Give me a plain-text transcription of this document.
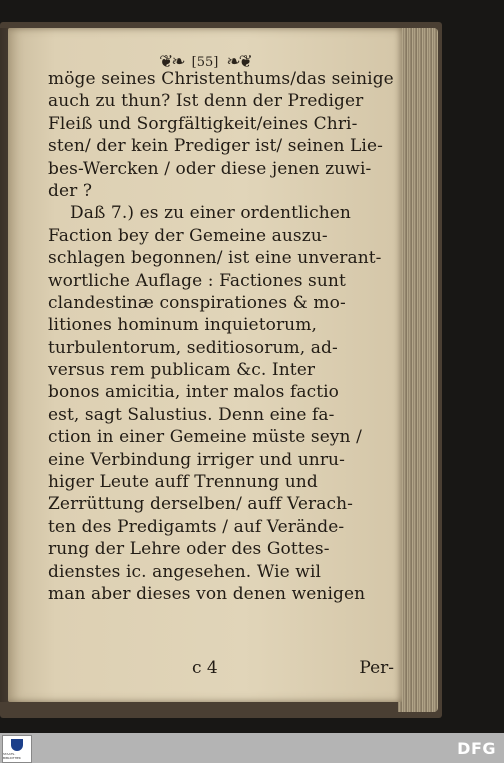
❦❧ [55] ❧❦
möge seines Christenthums/das seinige
auch zu thun? Ist denn der Prediger
Fleiß und Sorgfältigkeit/eines Chri-
sten/ der kein Prediger ist/ seinen Lie-
bes-Wercken / oder diese jenen zuwi-
der ?
Daß 7.) es zu einer ordentlichen
Faction bey der Gemeine auszu-
schlagen begonnen/ ist eine unverant-
wortliche Auflage : Factiones sunt
clandestinæ conspirationes & mo-
litiones hominum inquietorum,
turbulentorum, seditiosorum, ad-
versus rem publicam &c. Inter
bonos amicitia, inter malos factio
est, sagt Salustius. Denn eine fa-
ction in einer Gemeine müste seyn /
eine Verbindung irriger und unru-
higer Leute auff Trennung und
Zerrüttung derselben/ auff Verach-
ten des Predigamts / auf Verände-
rung der Lehre oder des Gottes-
dienstes ic. angesehen. Wie wil
man aber dieses von denen wenigen
c 4	Per-
STAATS-BIBLIOTHEK	DFG
